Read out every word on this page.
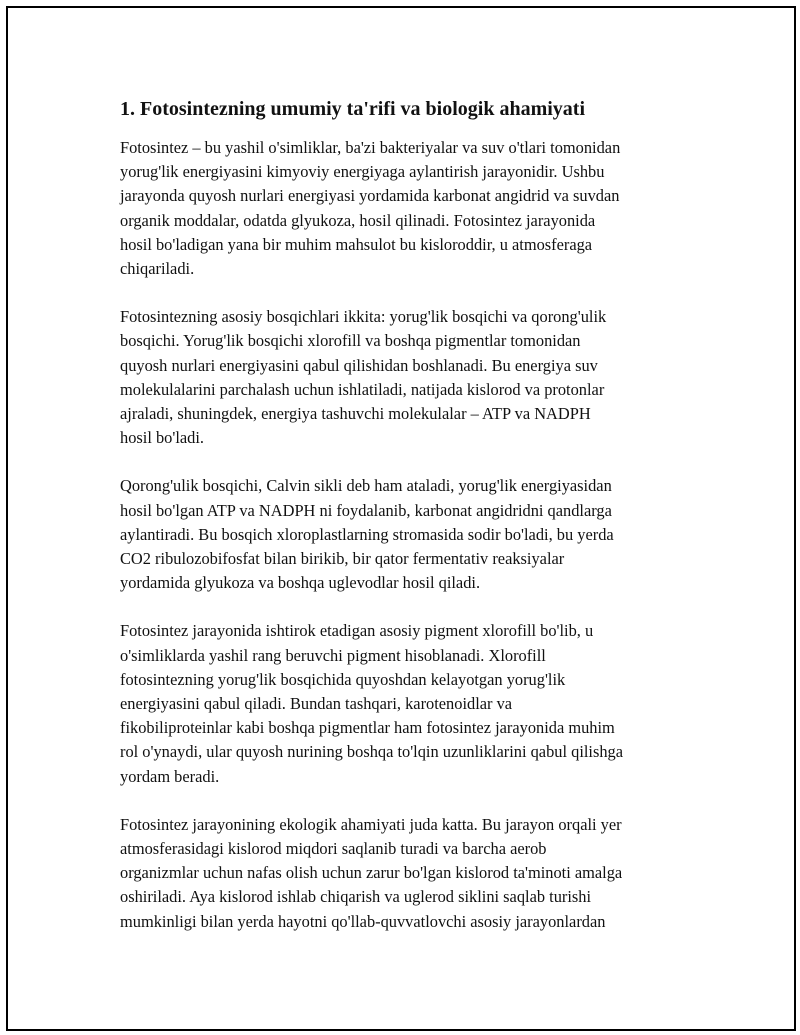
1. Fotosintezning umumiy ta'rifi va biologik ahamiyati

Fotosintez – bu yashil o'simliklar, ba'zi bakteriyalar va suv o'tlari tomonidan
yorug'lik energiyasini kimyoviy energiyaga aylantirish jarayonidir. Ushbu
jarayonda quyosh nurlari energiyasi yordamida karbonat angidrid va suvdan
organik moddalar, odatda glyukoza, hosil qilinadi. Fotosintez jarayonida
hosil bo'ladigan yana bir muhim mahsulot bu kisloroddir, u atmosferaga
chiqariladi.

Fotosintezning asosiy bosqichlari ikkita: yorug'lik bosqichi va qorong'ulik
bosqichi. Yorug'lik bosqichi xlorofill va boshqa pigmentlar tomonidan
quyosh nurlari energiyasini qabul qilishidan boshlanadi. Bu energiya suv
molekulalarini parchalash uchun ishlatiladi, natijada kislorod va protonlar
ajraladi, shuningdek, energiya tashuvchi molekulalar – ATP va NADPH
hosil bo'ladi.

Qorong'ulik bosqichi, Calvin sikli deb ham ataladi, yorug'lik energiyasidan
hosil bo'lgan ATP va NADPH ni foydalanib, karbonat angidridni qandlarga
aylantiradi. Bu bosqich xloroplastlarning stromasida sodir bo'ladi, bu yerda
CO2 ribulozobifosfat bilan birikib, bir qator fermentativ reaksiyalar
yordamida glyukoza va boshqa uglevodlar hosil qiladi.

Fotosintez jarayonida ishtirok etadigan asosiy pigment xlorofill bo'lib, u
o'simliklarda yashil rang beruvchi pigment hisoblanadi. Xlorofill
fotosintezning yorug'lik bosqichida quyoshdan kelayotgan yorug'lik
energiyasini qabul qiladi. Bundan tashqari, karotenoidlar va
fikobiliproteinlar kabi boshqa pigmentlar ham fotosintez jarayonida muhim
rol o'ynaydi, ular quyosh nurining boshqa to'lqin uzunliklarini qabul qilishga
yordam beradi.

Fotosintez jarayonining ekologik ahamiyati juda katta. Bu jarayon orqali yer
atmosferasidagi kislorod miqdori saqlanib turadi va barcha aerob
organizmlar uchun nafas olish uchun zarur bo'lgan kislorod ta'minoti amalga
oshiriladi. Aya kislorod ishlab chiqarish va uglerod siklini saqlab turishi
mumkinligi bilan yerda hayotni qo'llab-quvvatlovchi asosiy jarayonlardan
